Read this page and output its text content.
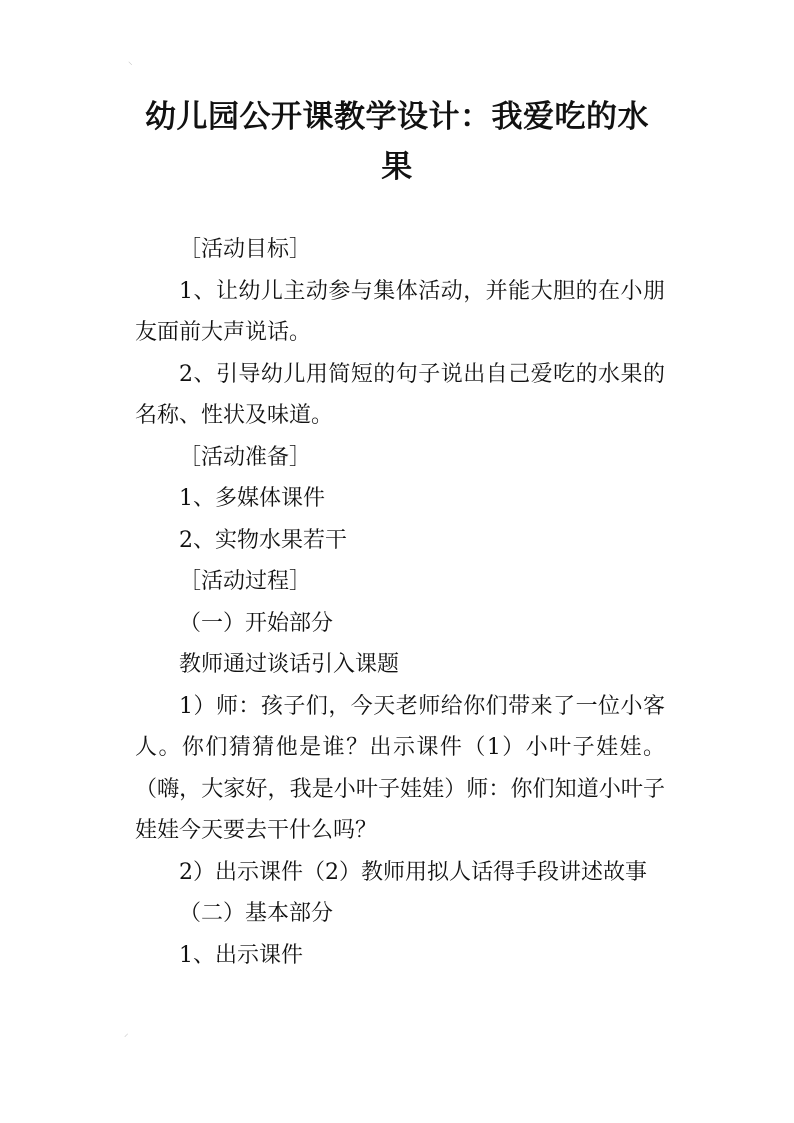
⸌
幼儿园公开课教学设计：我爱吃的水果

［活动目标］

1、让幼儿主动参与集体活动，并能大胆的在小朋友面前大声说话。

2、引导幼儿用简短的句子说出自己爱吃的水果的名称、性状及味道。

［活动准备］

1、多媒体课件

2、实物水果若干

［活动过程］

（一）开始部分

教师通过谈话引入课题

1）师：孩子们，今天老师给你们带来了一位小客人。你们猜猜他是谁？出示课件（1）小叶子娃娃。（嗨，大家好，我是小叶子娃娃）师：你们知道小叶子娃娃今天要去干什么吗？

2）出示课件（2）教师用拟人话得手段讲述故事

（二）基本部分

1、出示课件

⸍
